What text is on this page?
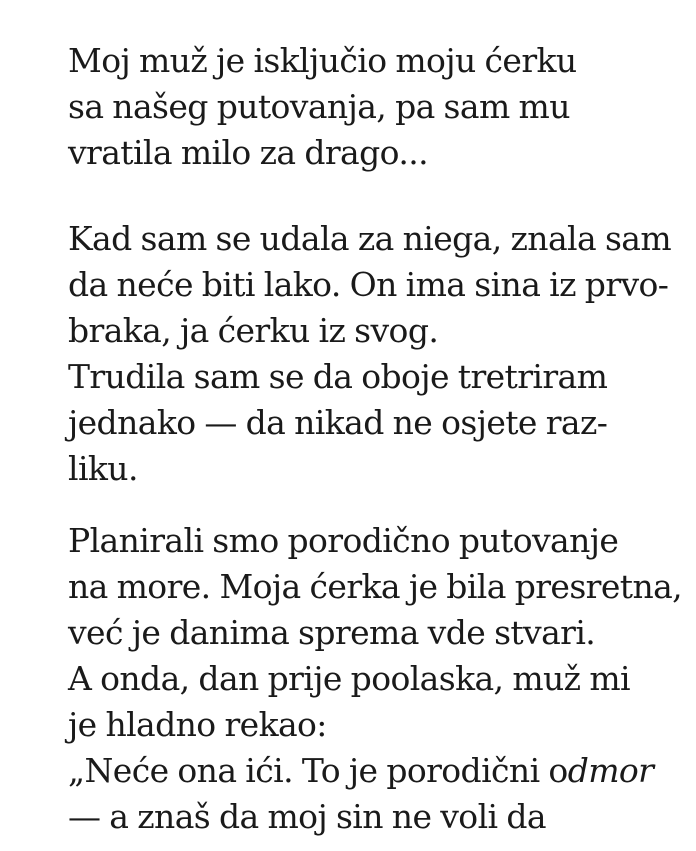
Moj muž je isključio moju ćerku
sa našeg putovanja, pa sam mu
vratila milo za drago...
Kad sam se udala za niega, znala sam
da neće biti lako. On ima sina iz prvo-
braka, ja ćerku iz svog.
Trudila sam se da oboje tretriram
jednako — da nikad ne osjete raz-
liku.
Planirali smo porodično putovanje
na more. Moja ćerka je bila presretna,
već je danima sprema vde stvari.
A onda, dan prije poolaska, muž mi
je hladno rekao:
„Neće ona ići. To je porodični odmor
— a znaš da moj sin ne voli da
